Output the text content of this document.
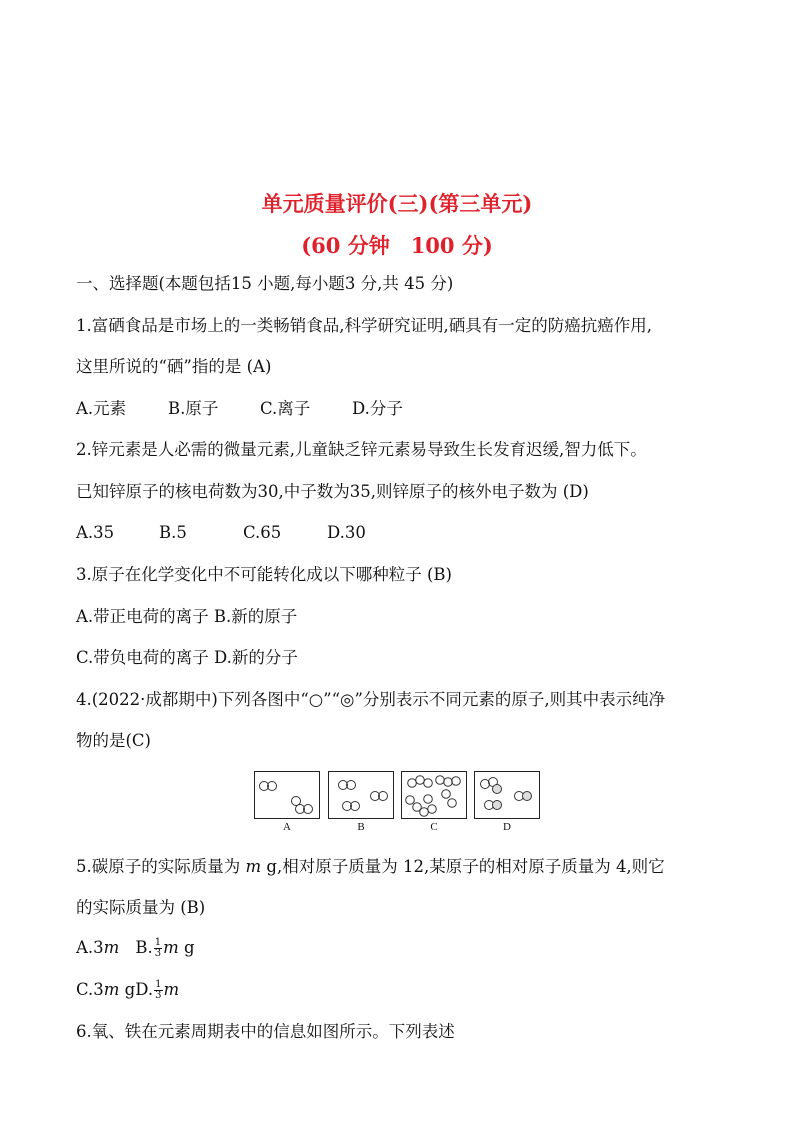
单元质量评价(三)(第三单元)
(60 分钟　100 分)
一、选择题(本题包括15 小题,每小题3 分,共 45 分)
1.富硒食品是市场上的一类畅销食品,科学研究证明,硒具有一定的防癌抗癌作用,
这里所说的“硒”指的是 (A)
A.元素	B.原子	C.离子	D.分子
2.锌元素是人必需的微量元素,儿童缺乏锌元素易导致生长发育迟缓,智力低下。
已知锌原子的核电荷数为30,中子数为35,则锌原子的核外电子数为 (D)
A.35	B.5	C.65	D.30
3.原子在化学变化中不可能转化成以下哪种粒子 (B)
A.带正电荷的离子 B.新的原子
C.带负电荷的离子 D.新的分子
4.(2022·成都期中)下列各图中“○”“◎”分别表示不同元素的原子,则其中表示纯净
物的是(C)
A	B	C	D
5.碳原子的实际质量为 m g,相对原子质量为 12,某原子的相对原子质量为 4,则它
的实际质量为 (B)
A.3m B. $\frac{1}{3}$ m g
C.3m gD. $\frac{1}{3}$ m
6.氧、铁在元素周期表中的信息如图所示。下列表述
